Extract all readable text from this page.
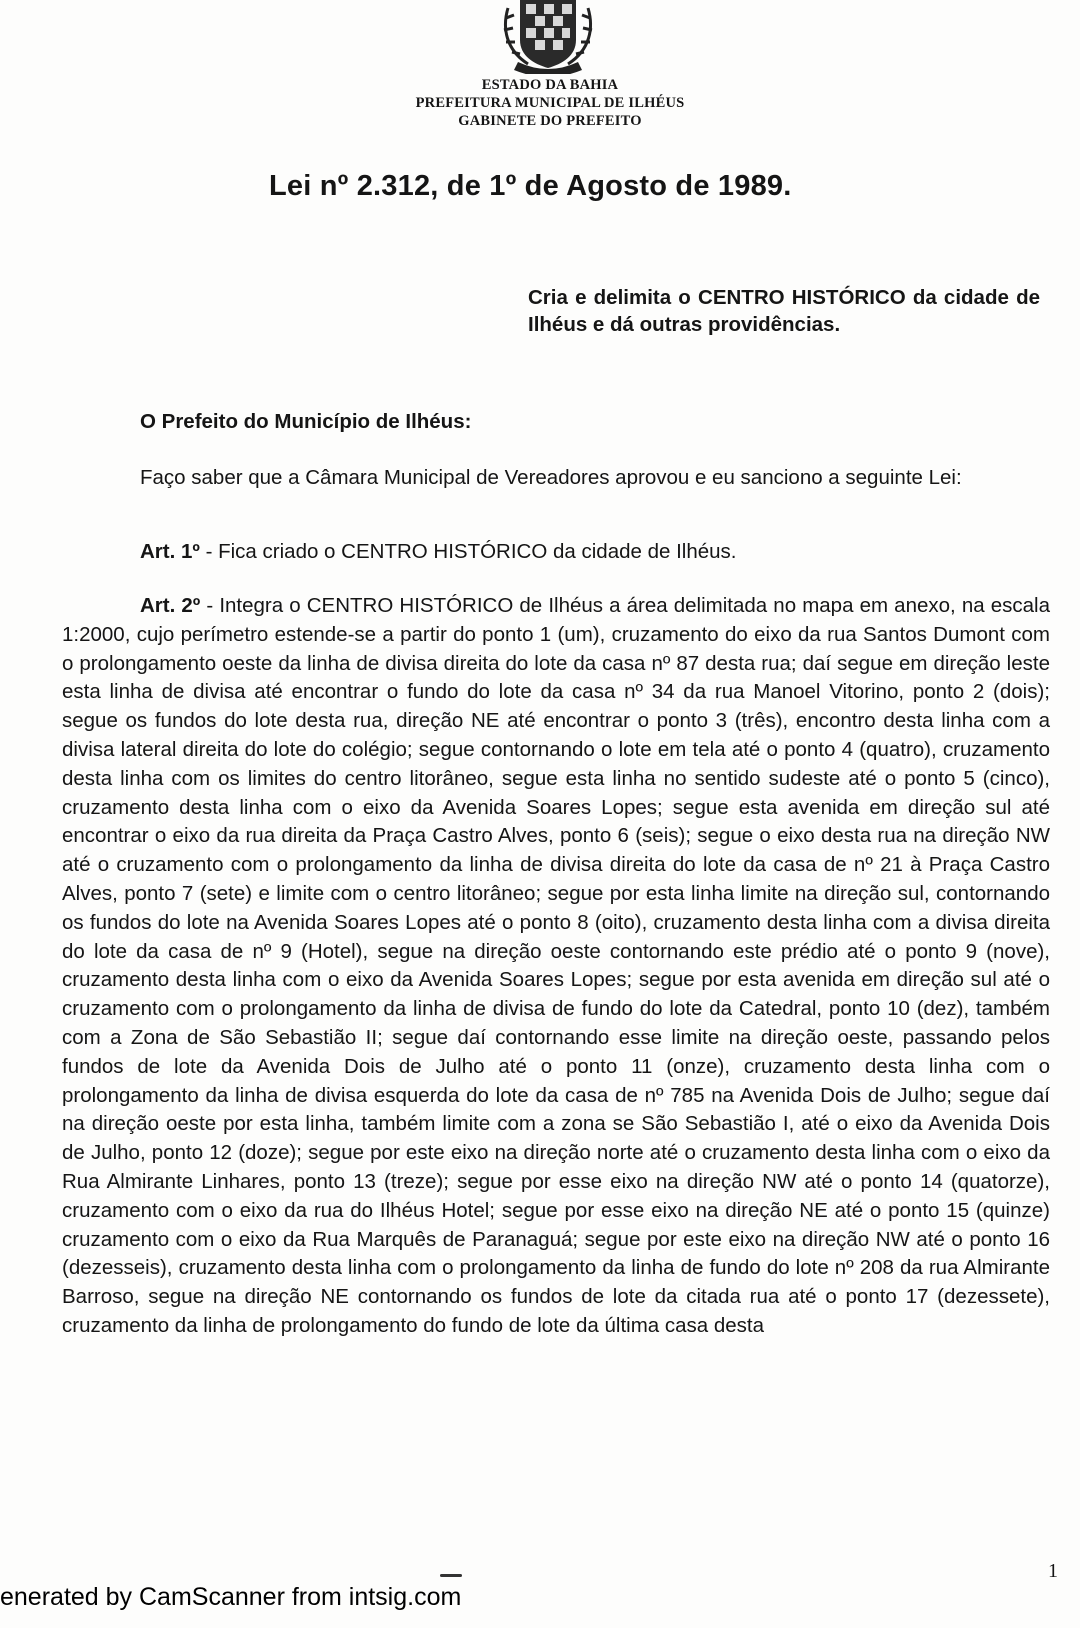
ESTADO DA BAHIA
PREFEITURA MUNICIPAL DE ILHÉUS
GABINETE DO PREFEITO
Lei nº 2.312, de 1º de Agosto de 1989.
Cria e delimita o CENTRO HISTÓRICO da cidade de Ilhéus e dá outras providências.
O Prefeito do Município de Ilhéus:
Faço saber que a Câmara Municipal de Vereadores aprovou e eu sanciono a seguinte Lei:
Art. 1º - Fica criado o CENTRO HISTÓRICO da cidade de Ilhéus.
Art. 2º - Integra o CENTRO HISTÓRICO de Ilhéus a área delimitada no mapa em anexo, na escala 1:2000, cujo perímetro estende-se a partir do ponto 1 (um), cruzamento do eixo da rua Santos Dumont com o prolongamento oeste da linha de divisa direita do lote da casa nº 87 desta rua; daí segue em direção leste esta linha de divisa até encontrar o fundo do lote da casa nº 34 da rua Manoel Vitorino, ponto 2 (dois); segue os fundos do lote desta rua, direção NE até encontrar o ponto 3 (três), encontro desta linha com a divisa lateral direita do lote do colégio; segue contornando o lote em tela até o ponto 4 (quatro), cruzamento desta linha com os limites do centro litorâneo, segue esta linha no sentido sudeste até o ponto 5 (cinco), cruzamento desta linha com o eixo da Avenida Soares Lopes; segue esta avenida em direção sul até encontrar o eixo da rua direita da Praça Castro Alves, ponto 6 (seis); segue o eixo desta rua na direção NW até o cruzamento com o prolongamento da linha de divisa direita do lote da casa de nº 21 à Praça Castro Alves, ponto 7 (sete) e limite com o centro litorâneo; segue por esta linha limite na direção sul, contornando os fundos do lote na Avenida Soares Lopes até o ponto 8 (oito), cruzamento desta linha com a divisa direita do lote da casa de nº 9 (Hotel), segue na direção oeste contornando este prédio até o ponto 9 (nove), cruzamento desta linha com o eixo da Avenida Soares Lopes; segue por esta avenida em direção sul até o cruzamento com o prolongamento da linha de divisa de fundo do lote da Catedral, ponto 10 (dez), também com a Zona de São Sebastião II; segue daí contornando esse limite na direção oeste, passando pelos fundos de lote da Avenida Dois de Julho até o ponto 11 (onze), cruzamento desta linha com o prolongamento da linha de divisa esquerda do lote da casa de nº 785 na Avenida Dois de Julho; segue daí na direção oeste por esta linha, também limite com a zona se São Sebastião I, até o eixo da Avenida Dois de Julho, ponto 12 (doze); segue por este eixo na direção norte até o cruzamento desta linha com o eixo da Rua Almirante Linhares, ponto 13 (treze); segue por esse eixo na direção NW até o ponto 14 (quatorze), cruzamento com o eixo da rua do Ilhéus Hotel; segue por esse eixo na direção NE até o ponto 15 (quinze) cruzamento com o eixo da Rua Marquês de Paranaguá; segue por este eixo na direção NW até o ponto 16 (dezesseis), cruzamento desta linha com o prolongamento da linha de fundo do lote nº 208 da rua Almirante Barroso, segue na direção NE contornando os fundos de lote da citada rua até o ponto 17 (dezessete), cruzamento da linha de prolongamento do fundo de lote da última casa desta
1
enerated by CamScanner from intsig.com
